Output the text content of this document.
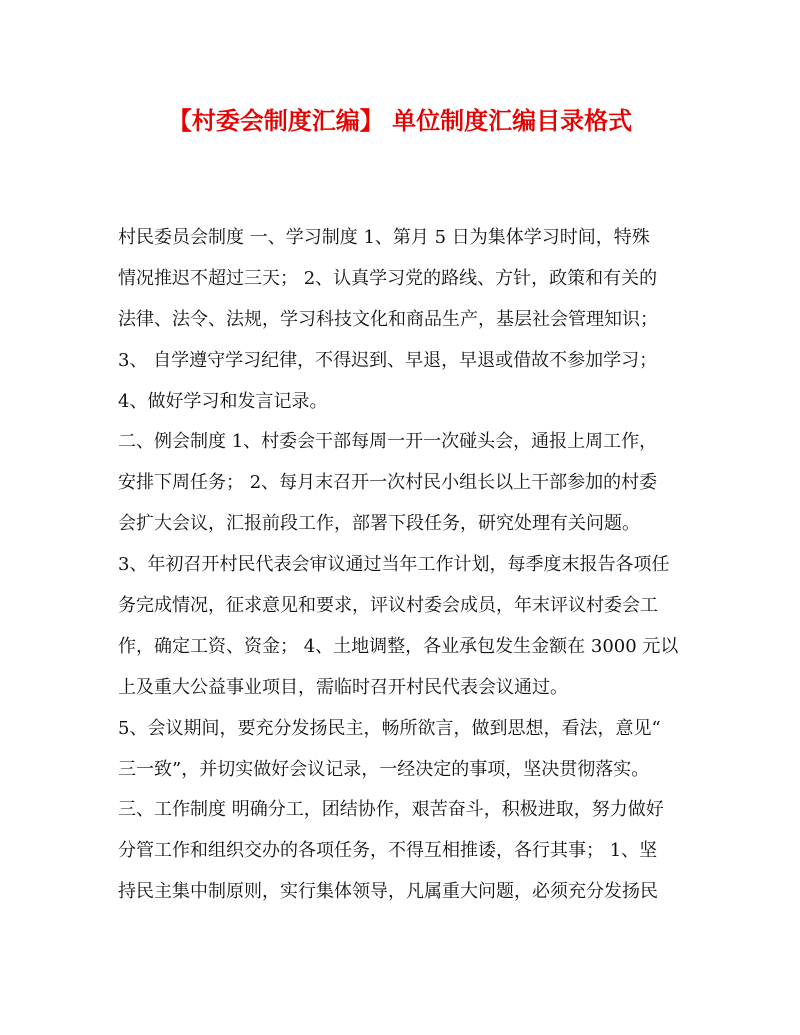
【村委会制度汇编】 单位制度汇编目录格式
村民委员会制度 一、学习制度 1、第月 5 日为集体学习时间，特殊
情况推迟不超过三天； 2、认真学习党的路线、方针，政策和有关的
法律、法令、法规，学习科技文化和商品生产，基层社会管理知识；
3、 自学遵守学习纪律，不得迟到、早退，早退或借故不参加学习；
4、做好学习和发言记录。
二、例会制度 1、村委会干部每周一开一次碰头会，通报上周工作，
安排下周任务； 2、每月末召开一次村民小组长以上干部参加的村委
会扩大会议，汇报前段工作，部署下段任务，研究处理有关问题。
3、年初召开村民代表会审议通过当年工作计划，每季度末报告各项任
务完成情况，征求意见和要求，评议村委会成员，年末评议村委会工
作，确定工资、资金； 4、土地调整，各业承包发生金额在 3000 元以
上及重大公益事业项目，需临时召开村民代表会议通过。
5、会议期间，要充分发扬民主，畅所欲言，做到思想，看法，意见“
三一致”，并切实做好会议记录，一经决定的事项，坚决贯彻落实。
三、工作制度 明确分工，团结协作，艰苦奋斗，积极进取，努力做好
分管工作和组织交办的各项任务，不得互相推诿，各行其事； 1、坚
持民主集中制原则，实行集体领导，凡属重大问题，必须充分发扬民
